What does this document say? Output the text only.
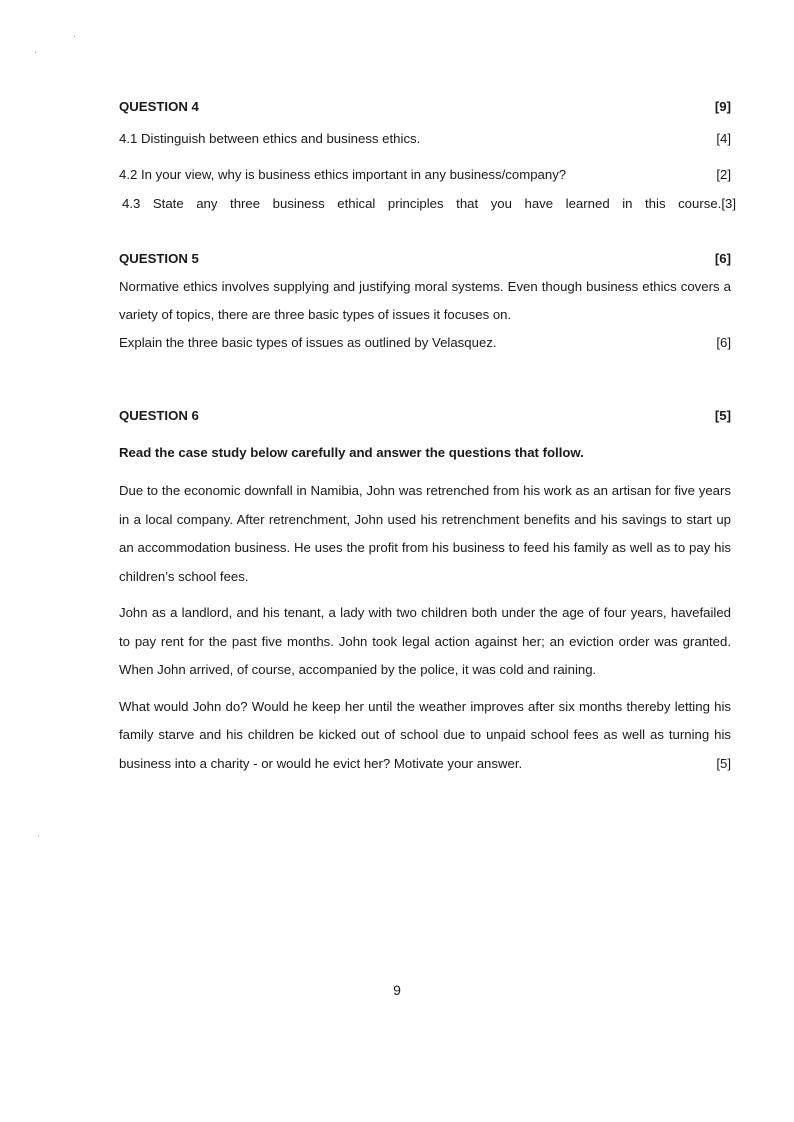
QUESTION 4	[9]
4.1 Distinguish between ethics and business ethics.	[4]
4.2 In your view, why is business ethics important in any business/company?	[2]
4.3 State any three business ethical principles that you have learned in this course.[3]
QUESTION 5	[6]
Normative ethics involves supplying and justifying moral systems. Even though business ethics covers a variety of topics, there are three basic types of issues it focuses on.
Explain the three basic types of issues as outlined by Velasquez.	[6]
QUESTION 6	[5]
Read the case study below carefully and answer the questions that follow.
Due to the economic downfall in Namibia, John was retrenched from his work as an artisan for five years in a local company. After retrenchment, John used his retrenchment benefits and his savings to start up an accommodation business. He uses the profit from his business to feed his family as well as to pay his children’s school fees.
John as a landlord, and his tenant, a lady with two children both under the age of four years, havefailed to pay rent for the past five months. John took legal action against her; an eviction order was granted. When John arrived, of course, accompanied by the police, it was cold and raining.
What would John do? Would he keep her until the weather improves after six months thereby letting his family starve and his children be kicked out of school due to unpaid school fees as well as turning his business into a charity - or would he evict her? Motivate your answer.	[5]
9
